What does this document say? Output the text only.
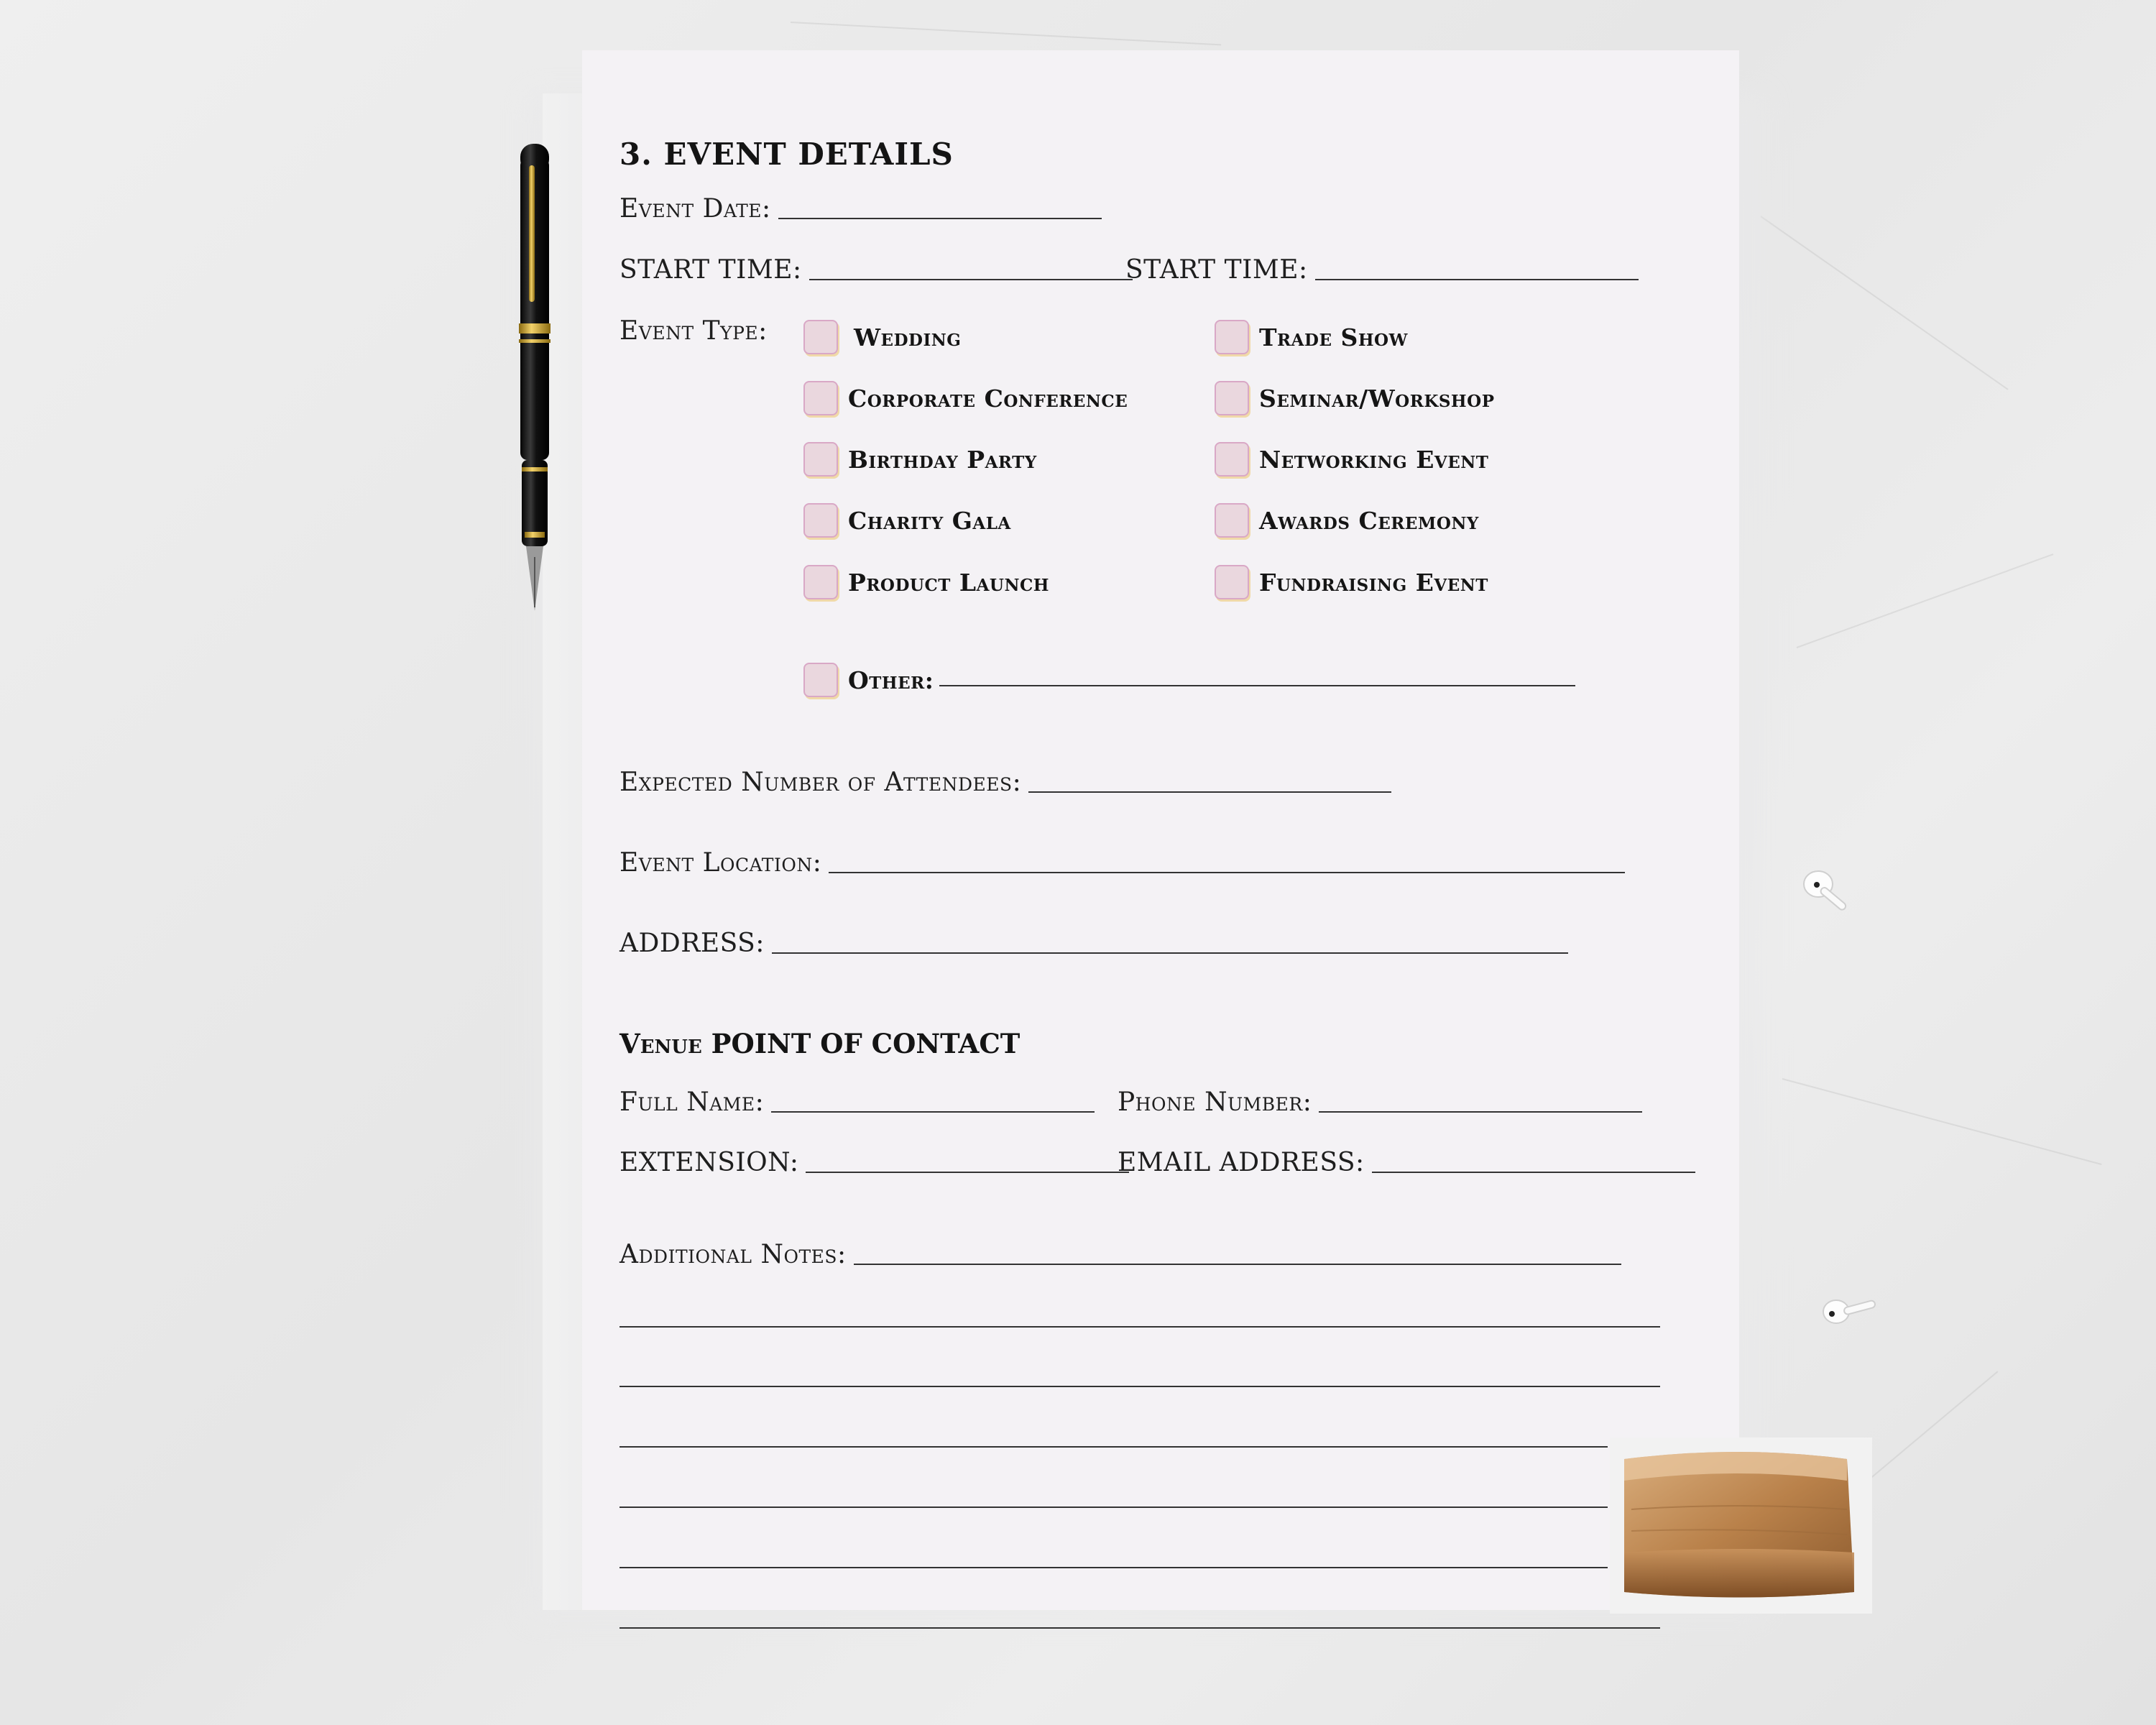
3. EVENT DETAILS
Event Date:
START TIME:	START TIME:
Event Type:	Wedding
Corporate Conference
Birthday Party
Charity Gala
Product Launch
Trade Show
Seminar/Workshop
Networking Event
Awards Ceremony
Fundraising Event
Other:
Expected Number of Attendees:
Event Location:
ADDRESS:
Venue POINT OF CONTACT
Full Name:	Phone Number:
EXTENSION:	EMAIL ADDRESS:
Additional Notes:
